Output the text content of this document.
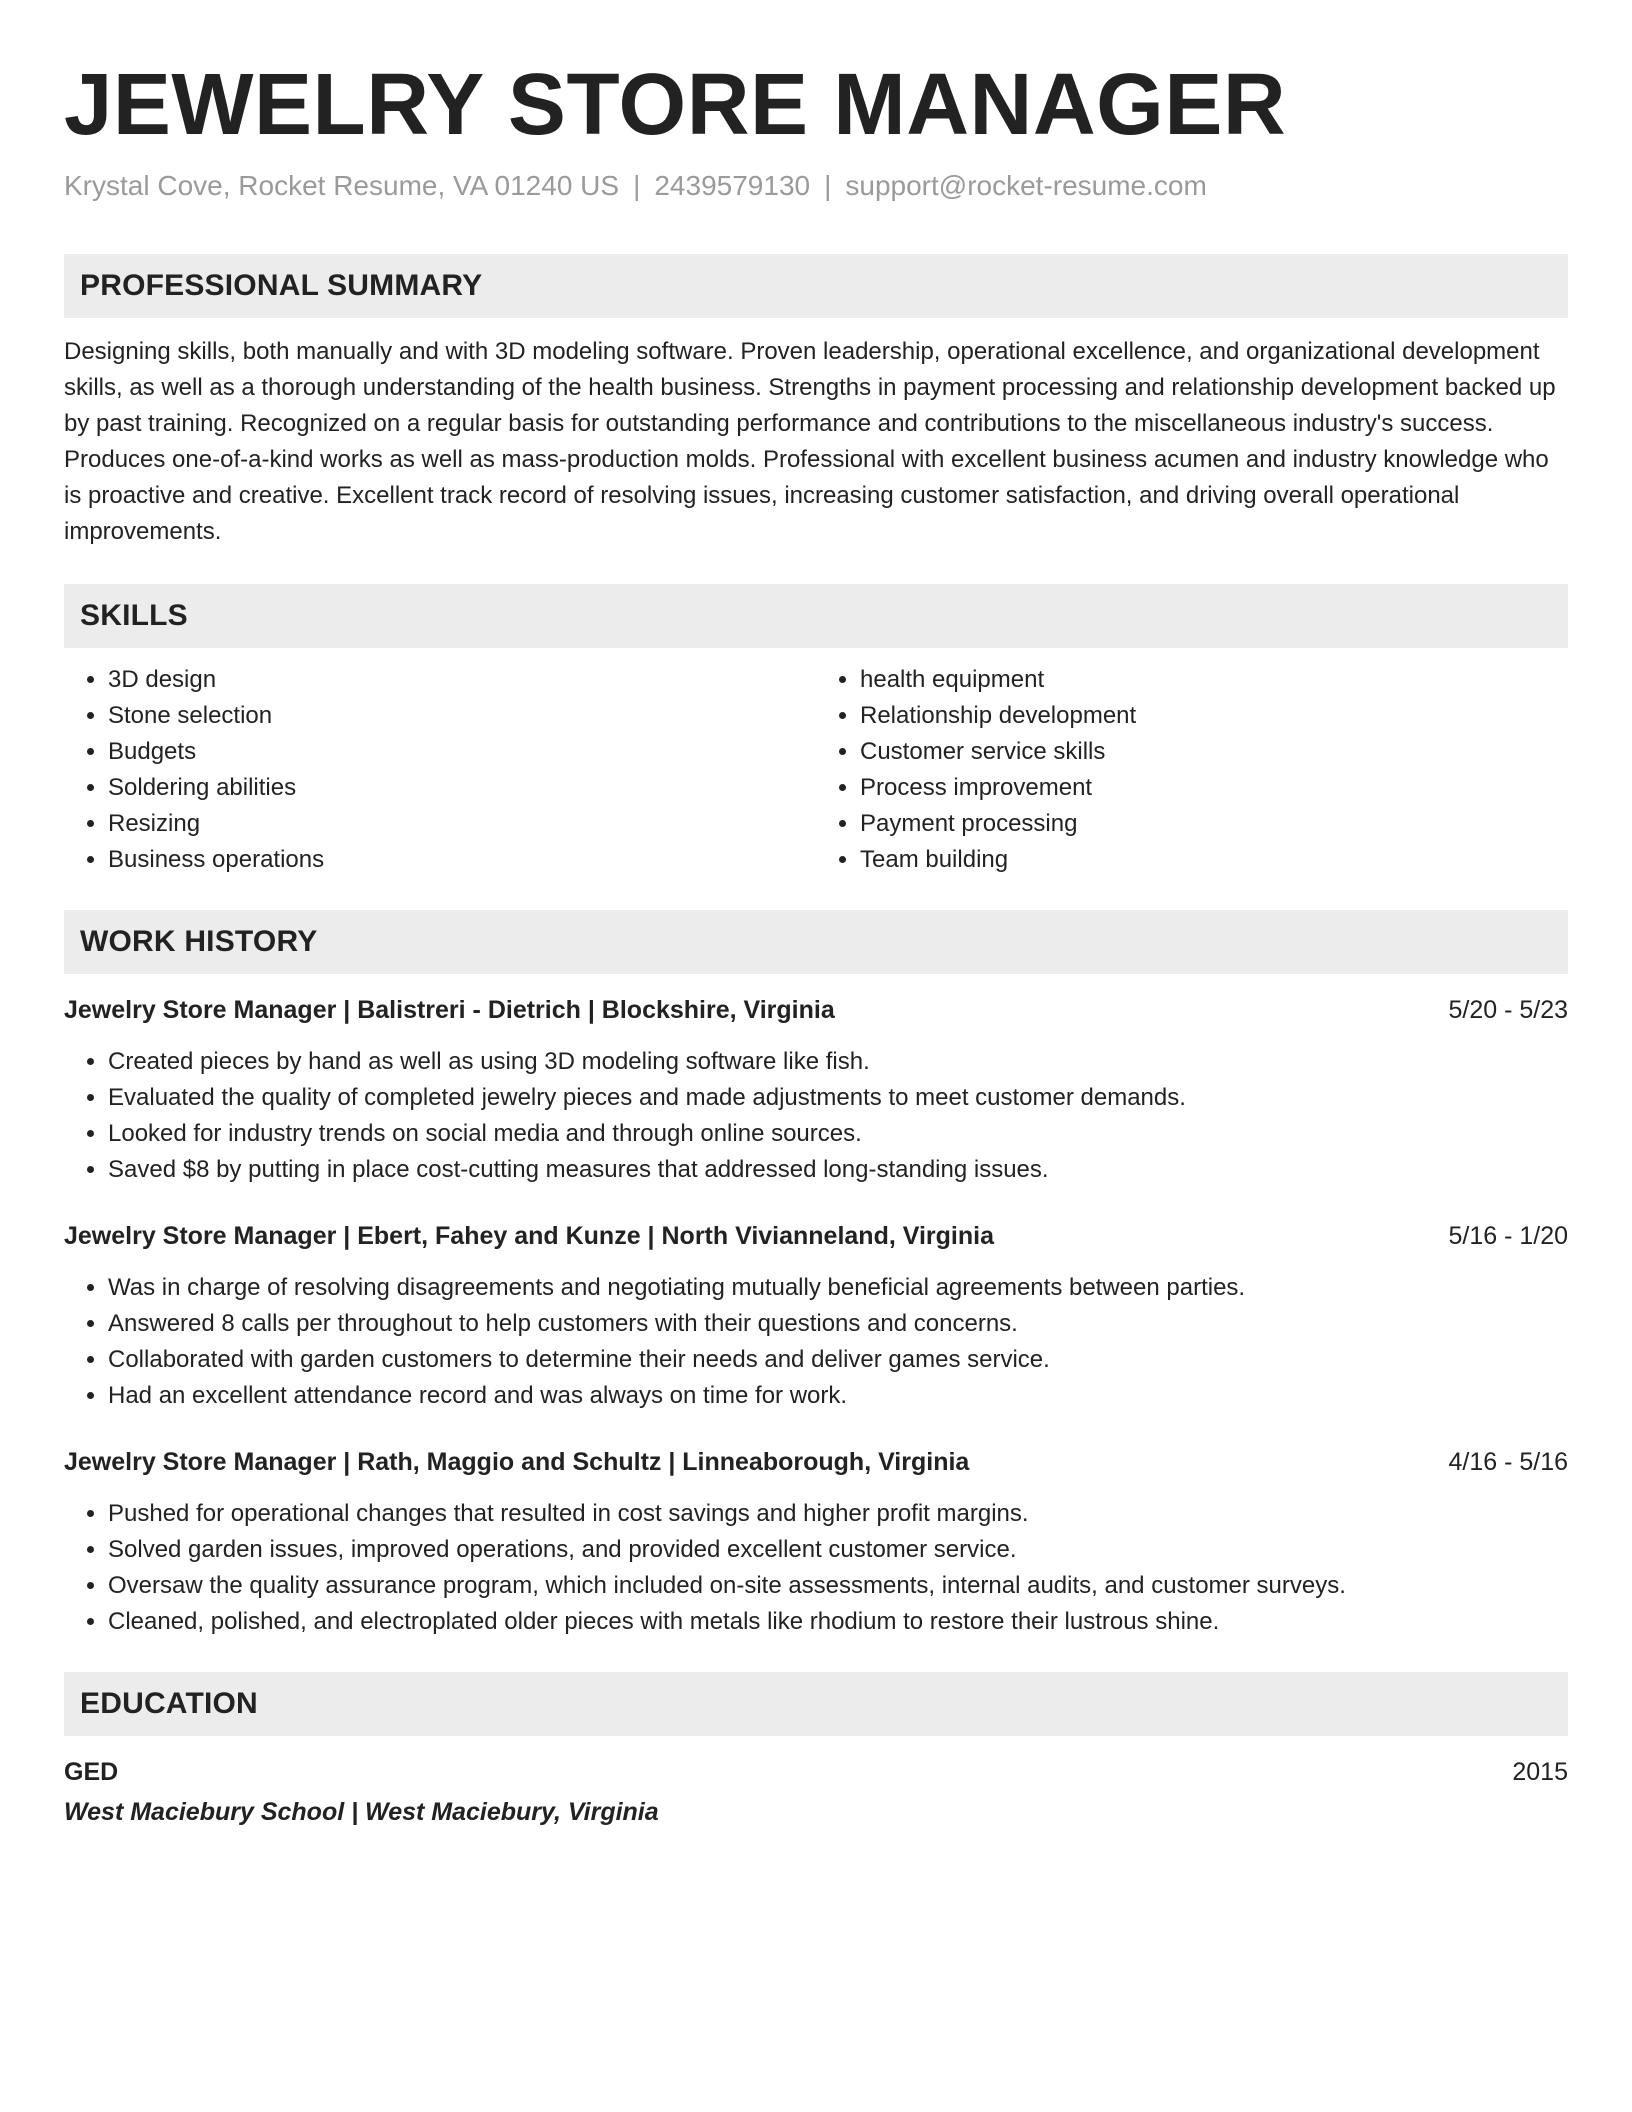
JEWELRY STORE MANAGER
Krystal Cove, Rocket Resume, VA 01240 US | 2439579130 | support@rocket-resume.com
PROFESSIONAL SUMMARY

Designing skills, both manually and with 3D modeling software. Proven leadership, operational excellence, and organizational development skills, as well as a thorough understanding of the health business. Strengths in payment processing and relationship development backed up by past training. Recognized on a regular basis for outstanding performance and contributions to the miscellaneous industry's success. Produces one-of-a-kind works as well as mass-production molds. Professional with excellent business acumen and industry knowledge who is proactive and creative. Excellent track record of resolving issues, increasing customer satisfaction, and driving overall operational improvements.

SKILLS
• 3D design
• Stone selection
• Budgets
• Soldering abilities
• Resizing
• Business operations
• health equipment
• Relationship development
• Customer service skills
• Process improvement
• Payment processing
• Team building
WORK HISTORY
Jewelry Store Manager | Balistreri - Dietrich | Blockshire, Virginia	5/20 - 5/23
• Created pieces by hand as well as using 3D modeling software like fish.
• Evaluated the quality of completed jewelry pieces and made adjustments to meet customer demands.
• Looked for industry trends on social media and through online sources.
• Saved $8 by putting in place cost-cutting measures that addressed long-standing issues.
Jewelry Store Manager | Ebert, Fahey and Kunze | North Vivianneland, Virginia	5/16 - 1/20
• Was in charge of resolving disagreements and negotiating mutually beneficial agreements between parties.
• Answered 8 calls per throughout to help customers with their questions and concerns.
• Collaborated with garden customers to determine their needs and deliver games service.
• Had an excellent attendance record and was always on time for work.
Jewelry Store Manager | Rath, Maggio and Schultz | Linneaborough, Virginia	4/16 - 5/16
• Pushed for operational changes that resulted in cost savings and higher profit margins.
• Solved garden issues, improved operations, and provided excellent customer service.
• Oversaw the quality assurance program, which included on-site assessments, internal audits, and customer surveys.
• Cleaned, polished, and electroplated older pieces with metals like rhodium to restore their lustrous shine.
EDUCATION
GED	2015
West Maciebury School | West Maciebury, Virginia
